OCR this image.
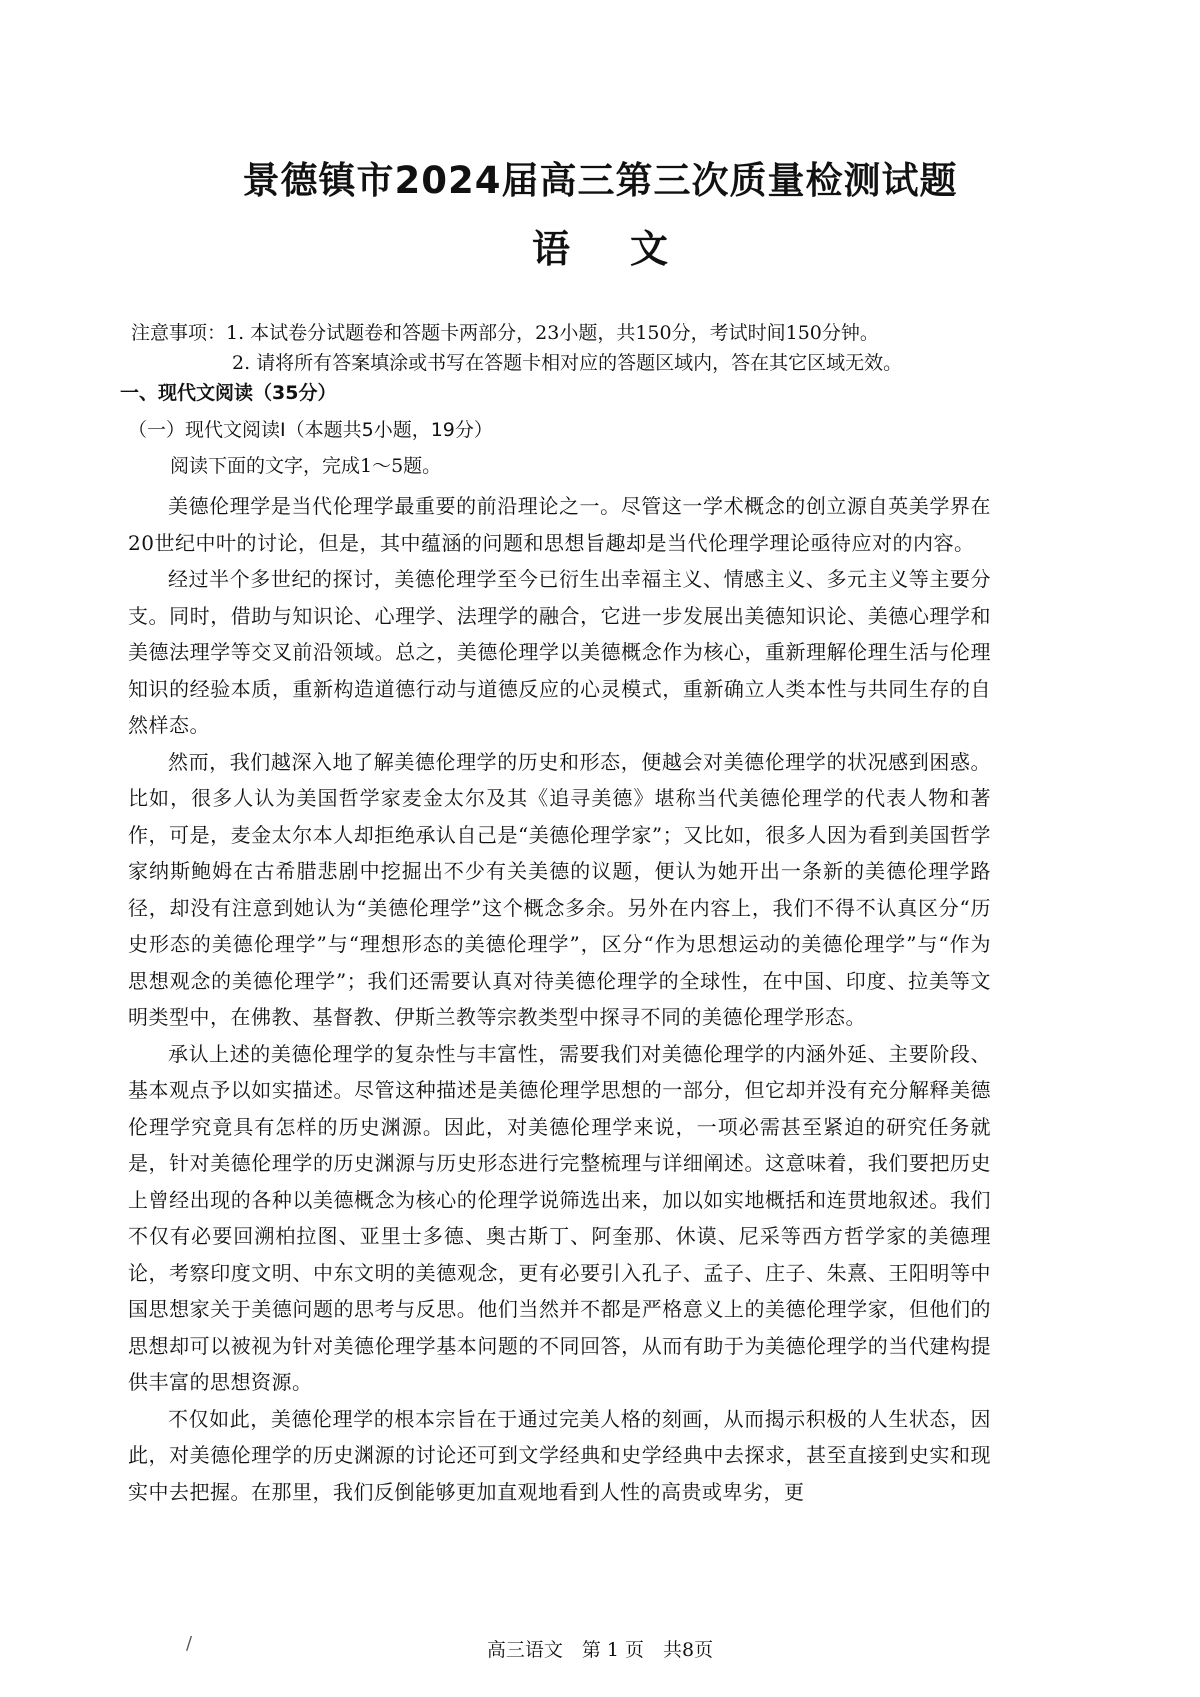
景德镇市2024届高三第三次质量检测试题
语文
注意事项：1. 本试卷分试题卷和答题卡两部分，23小题，共150分，考试时间150分钟。
2. 请将所有答案填涂或书写在答题卡相对应的答题区域内，答在其它区域无效。
一、现代文阅读（35分）
（一）现代文阅读Ⅰ（本题共5小题，19分）
阅读下面的文字，完成1～5题。

美德伦理学是当代伦理学最重要的前沿理论之一。尽管这一学术概念的创立源自英美学界在20世纪中叶的讨论，但是，其中蕴涵的问题和思想旨趣却是当代伦理学理论亟待应对的内容。

经过半个多世纪的探讨，美德伦理学至今已衍生出幸福主义、情感主义、多元主义等主要分支。同时，借助与知识论、心理学、法理学的融合，它进一步发展出美德知识论、美德心理学和美德法理学等交叉前沿领域。总之，美德伦理学以美德概念作为核心，重新理解伦理生活与伦理知识的经验本质，重新构造道德行动与道德反应的心灵模式，重新确立人类本性与共同生存的自然样态。

然而，我们越深入地了解美德伦理学的历史和形态，便越会对美德伦理学的状况感到困惑。比如，很多人认为美国哲学家麦金太尔及其《追寻美德》堪称当代美德伦理学的代表人物和著作，可是，麦金太尔本人却拒绝承认自己是“美德伦理学家”；又比如，很多人因为看到美国哲学家纳斯鲍姆在古希腊悲剧中挖掘出不少有关美德的议题，便认为她开出一条新的美德伦理学路径，却没有注意到她认为“美德伦理学”这个概念多余。另外在内容上，我们不得不认真区分“历史形态的美德伦理学”与“理想形态的美德伦理学”，区分“作为思想运动的美德伦理学”与“作为思想观念的美德伦理学”；我们还需要认真对待美德伦理学的全球性，在中国、印度、拉美等文明类型中，在佛教、基督教、伊斯兰教等宗教类型中探寻不同的美德伦理学形态。

承认上述的美德伦理学的复杂性与丰富性，需要我们对美德伦理学的内涵外延、主要阶段、基本观点予以如实描述。尽管这种描述是美德伦理学思想的一部分，但它却并没有充分解释美德伦理学究竟具有怎样的历史渊源。因此，对美德伦理学来说，一项必需甚至紧迫的研究任务就是，针对美德伦理学的历史渊源与历史形态进行完整梳理与详细阐述。这意味着，我们要把历史上曾经出现的各种以美德概念为核心的伦理学说筛选出来，加以如实地概括和连贯地叙述。我们不仅有必要回溯柏拉图、亚里士多德、奥古斯丁、阿奎那、休谟、尼采等西方哲学家的美德理论，考察印度文明、中东文明的美德观念，更有必要引入孔子、孟子、庄子、朱熹、王阳明等中国思想家关于美德问题的思考与反思。他们当然并不都是严格意义上的美德伦理学家，但他们的思想却可以被视为针对美德伦理学基本问题的不同回答，从而有助于为美德伦理学的当代建构提供丰富的思想资源。

不仅如此，美德伦理学的根本宗旨在于通过完美人格的刻画，从而揭示积极的人生状态，因此，对美德伦理学的历史渊源的讨论还可到文学经典和史学经典中去探求，甚至直接到史实和现实中去把握。在那里，我们反倒能够更加直观地看到人性的高贵或卑劣，更

/	高三语文　第 1 页　共8页
